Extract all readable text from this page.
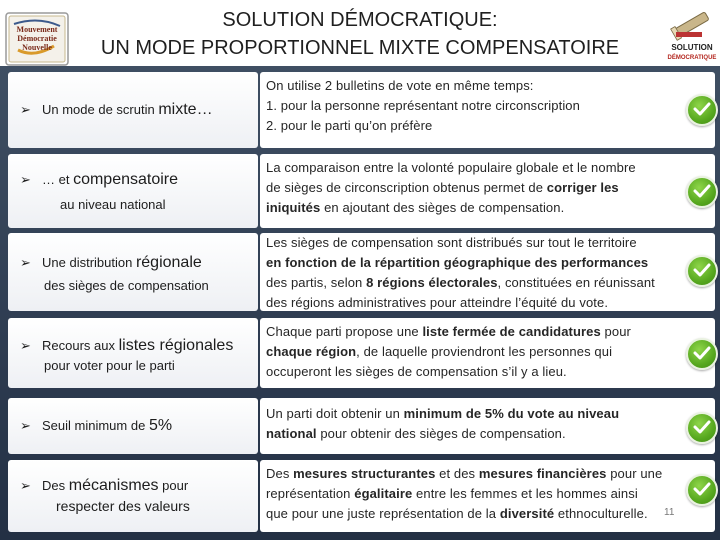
Mouvement
Démocratie
Nouvelle
SOLUTION DÉMOCRATIQUE:
UN MODE PROPORTIONNEL MIXTE COMPENSATOIRE	SOLUTION
DÉMOCRATIQUE
➢ Un mode de scrutin mixte…

On utilise 2 bulletins de vote en même temps:

1. pour la personne représentant notre circonscription

2. pour le parti qu’on préfère

➢ … et compensatoire
au niveau national

La comparaison entre la volonté populaire globale et le nombre

de sièges de circonscription obtenus permet de corriger les

iniquités en ajoutant des sièges de compensation.

➢ Une distribution régionale
des sièges de compensation

Les sièges de compensation sont distribués sur tout le territoire

en fonction de la répartition géographique des performances

des partis, selon 8 régions électorales, constituées en réunissant

des régions administratives pour atteindre l’équité du vote.

➢ Recours aux listes régionales
pour voter pour le parti

Chaque parti propose une liste fermée de candidatures pour

chaque région, de laquelle proviendront les personnes qui

occuperont les sièges de compensation s’il y a lieu.

➢ Seuil minimum de 5%

Un parti doit obtenir un minimum de 5% du vote au niveau

national pour obtenir des sièges de compensation.

➢ Des mécanismes pour
respecter des valeurs

Des mesures structurantes et des mesures financières pour une

représentation égalitaire entre les femmes et les hommes ainsi

que pour une juste représentation de la diversité ethnoculturelle.	11
